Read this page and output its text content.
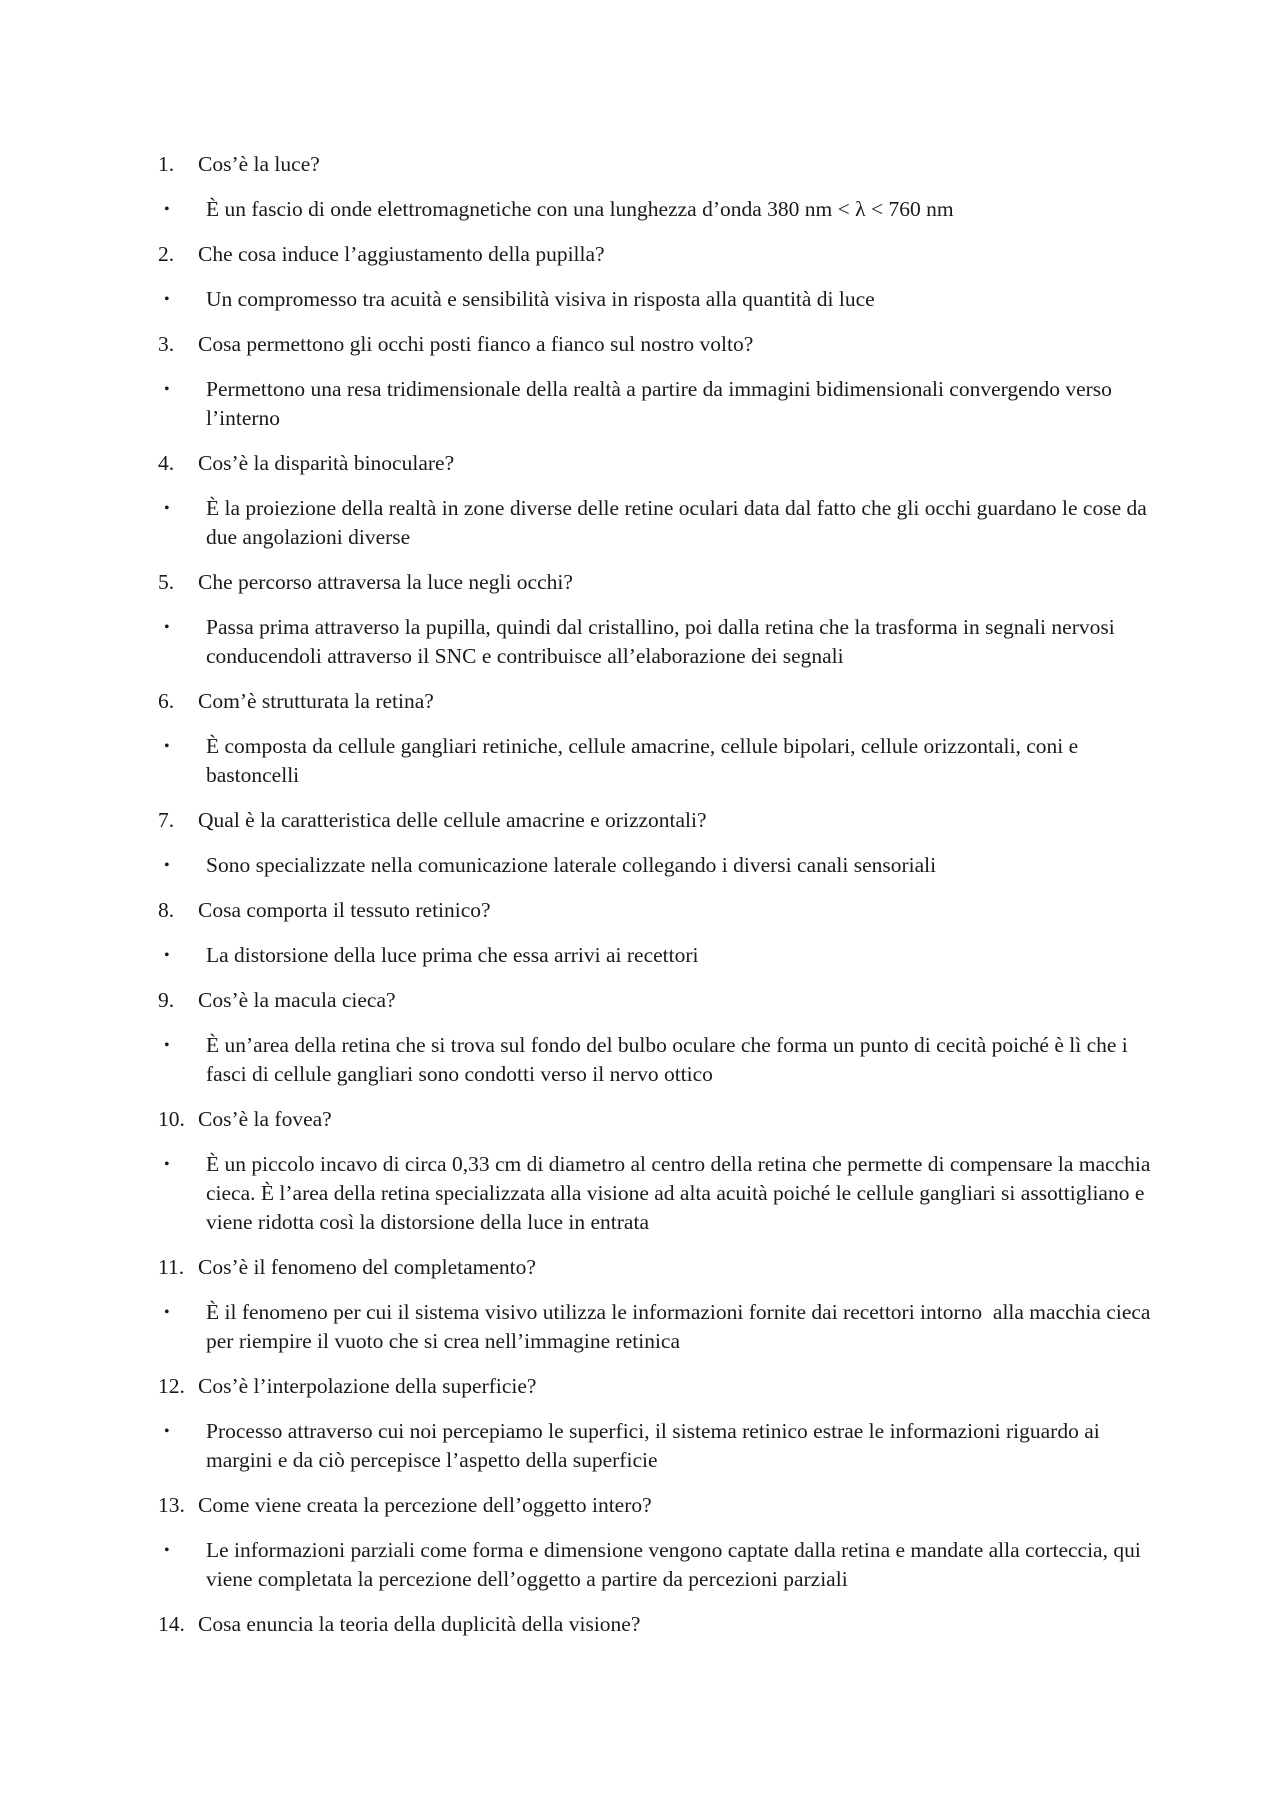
1.	Cos’è la luce?
• È un fascio di onde elettromagnetiche con una lunghezza d’onda 380 nm < λ < 760 nm
2.	Che cosa induce l’aggiustamento della pupilla?
• Un compromesso tra acuità e sensibilità visiva in risposta alla quantità di luce
3.	Cosa permettono gli occhi posti fianco a fianco sul nostro volto?
• Permettono una resa tridimensionale della realtà a partire da immagini bidimensionali convergendo verso l’interno
4.	Cos’è la disparità binoculare?
• È la proiezione della realtà in zone diverse delle retine oculari data dal fatto che gli occhi guardano le cose da due angolazioni diverse
5.	Che percorso attraversa la luce negli occhi?
• Passa prima attraverso la pupilla, quindi dal cristallino, poi dalla retina che la trasforma in segnali nervosi conducendoli attraverso il SNC e contribuisce all’elaborazione dei segnali
6.	Com’è strutturata la retina?
• È composta da cellule gangliari retiniche, cellule amacrine, cellule bipolari, cellule orizzontali, coni e bastoncelli
7.	Qual è la caratteristica delle cellule amacrine e orizzontali?
• Sono specializzate nella comunicazione laterale collegando i diversi canali sensoriali
8.	Cosa comporta il tessuto retinico?
• La distorsione della luce prima che essa arrivi ai recettori
9.	Cos’è la macula cieca?
• È un’area della retina che si trova sul fondo del bulbo oculare che forma un punto di cecità poiché è lì che i fasci di cellule gangliari sono condotti verso il nervo ottico
10. Cos’è la fovea?
• È un piccolo incavo di circa 0,33 cm di diametro al centro della retina che permette di compensare la macchia cieca. È l’area della retina specializzata alla visione ad alta acuità poiché le cellule gangliari si assottigliano e viene ridotta così la distorsione della luce in entrata
11. Cos’è il fenomeno del completamento?
• È il fenomeno per cui il sistema visivo utilizza le informazioni fornite dai recettori intorno  alla macchia cieca per riempire il vuoto che si crea nell’immagine retinica
12. Cos’è l’interpolazione della superficie?
• Processo attraverso cui noi percepiamo le superfici, il sistema retinico estrae le informazioni riguardo ai margini e da ciò percepisce l’aspetto della superficie
13. Come viene creata la percezione dell’oggetto intero?
• Le informazioni parziali come forma e dimensione vengono captate dalla retina e mandate alla corteccia, qui viene completata la percezione dell’oggetto a partire da percezioni parziali
14. Cosa enuncia la teoria della duplicità della visione?
